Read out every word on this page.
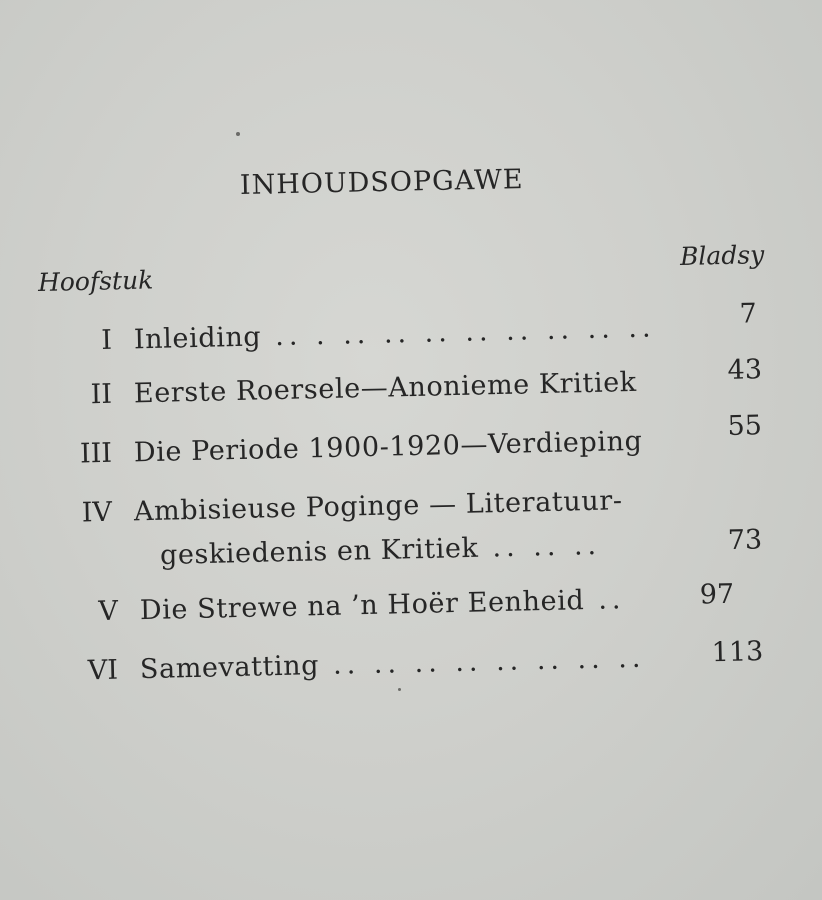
INHOUDSOPGAWE
Hoofstuk
Bladsy
I Inleiding .. . .. .. .. .. .. .. .. ..	7
II Eerste Roersele—Anonieme Kritiek	43
III Die Periode 1900-1920—Verdieping	55
IV Ambisieuse Poginge — Literatuur-
geskiedenis en Kritiek .. .. ..	73
V Die Strewe na ’n Hoër Eenheid ..	97
VI Samevatting .. .. .. .. .. .. .. .. 113
